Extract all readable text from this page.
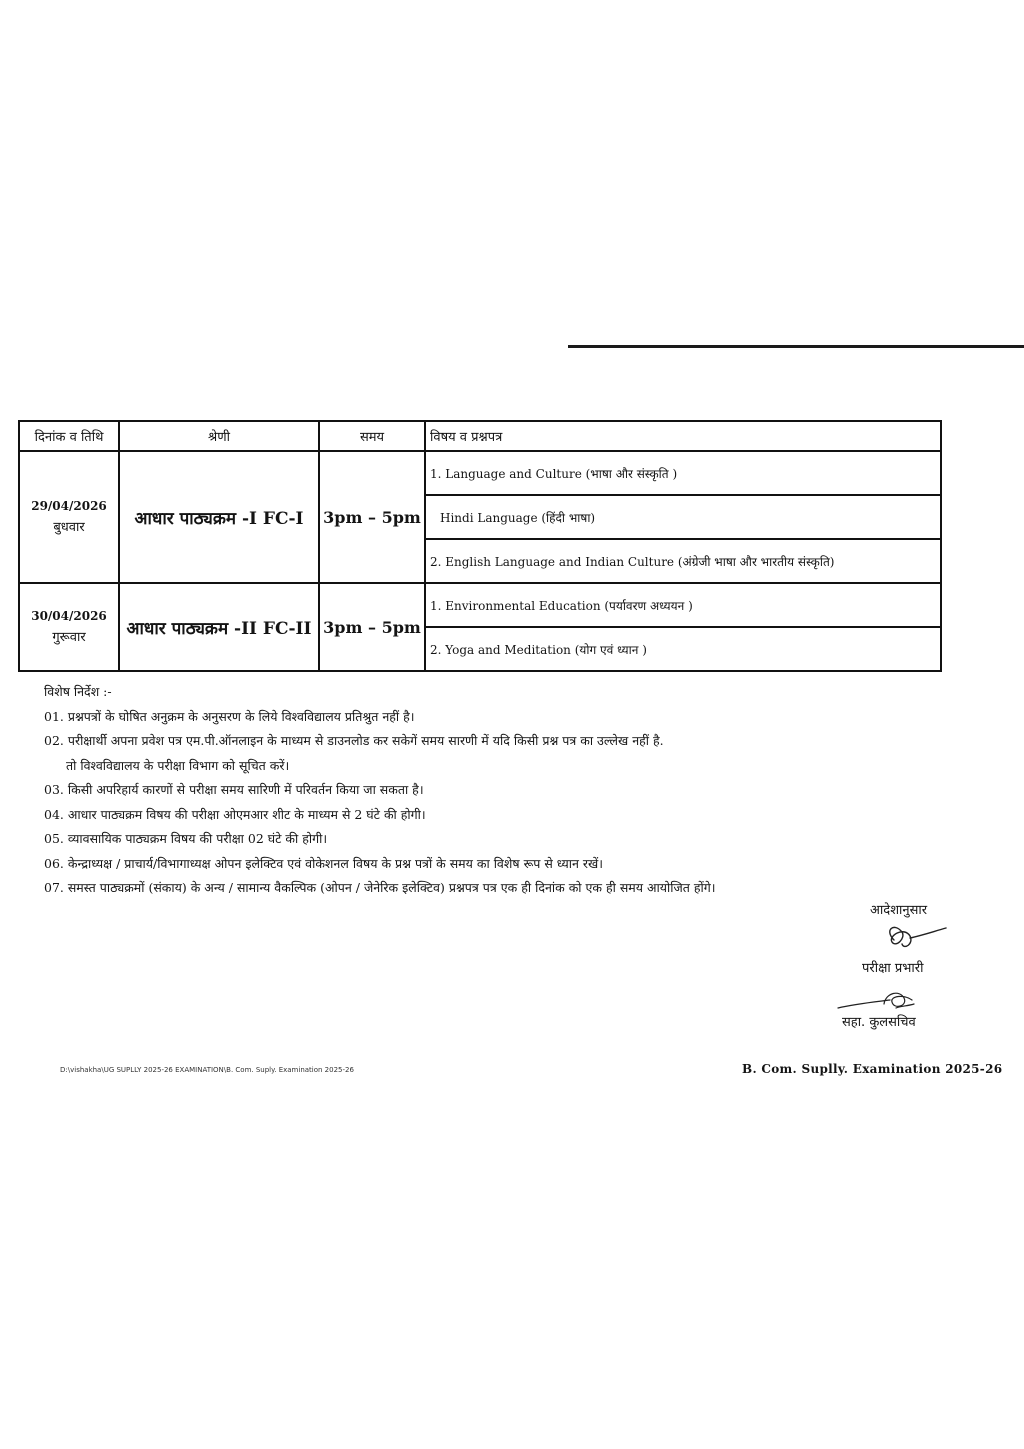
दिनांक व तिथि	श्रेणी	समय	विषय व प्रश्नपत्र

29/04/2026
बुधवार	आधार पाठ्यक्रम -I FC-I	3pm – 5pm	1. Language and Culture (भाषा और संस्कृति )
			Hindi Language (हिंदी भाषा)
			2. English Language and Indian Culture (अंग्रेजी भाषा और भारतीय संस्कृति)

30/04/2026
गुरूवार	आधार पाठ्यक्रम -II FC-II	3pm – 5pm	1. Environmental Education (पर्यावरण अध्ययन )
			2. Yoga and Meditation (योग एवं ध्यान )
विशेष निर्देश :-
01. प्रश्नपत्रों के घोषित अनुक्रम के अनुसरण के लिये विश्वविद्यालय प्रतिश्रुत नहीं है।
02. परीक्षार्थी अपना प्रवेश पत्र एम.पी.ऑनलाइन के माध्यम से डाउनलोड कर सकेगें समय सारणी में यदि किसी प्रश्न पत्र का उल्लेख नहीं है.
तो विश्वविद्यालय के परीक्षा विभाग को सूचित करें।
03. किसी अपरिहार्य कारणों से परीक्षा समय सारिणी में परिवर्तन किया जा सकता है।
04. आधार पाठ्यक्रम विषय की परीक्षा ओएमआर शीट के माध्यम से 2 घंटे की होगी।
05. व्यावसायिक पाठ्यक्रम विषय की परीक्षा 02 घंटे की होगी।
06. केन्द्राध्यक्ष / प्राचार्य/विभागाध्यक्ष ओपन इलेक्टिव एवं वोकेशनल विषय के प्रश्न पत्रों के समय का विशेष रूप से ध्यान रखें।
07. समस्त पाठ्यक्रमों (संकाय) के अन्य / सामान्य वैकल्पिक (ओपन / जेनेरिक इलेक्टिव) प्रश्नपत्र पत्र एक ही दिनांक को एक ही समय आयोजित होंगे।
आदेशानुसार
परीक्षा प्रभारी
सहा. कुलसचिव
D:\vishakha\UG SUPLLY 2025-26 EXAMINATION\B. Com. Suply. Examination 2025-26	B. Com. Suplly. Examination 2025-26
